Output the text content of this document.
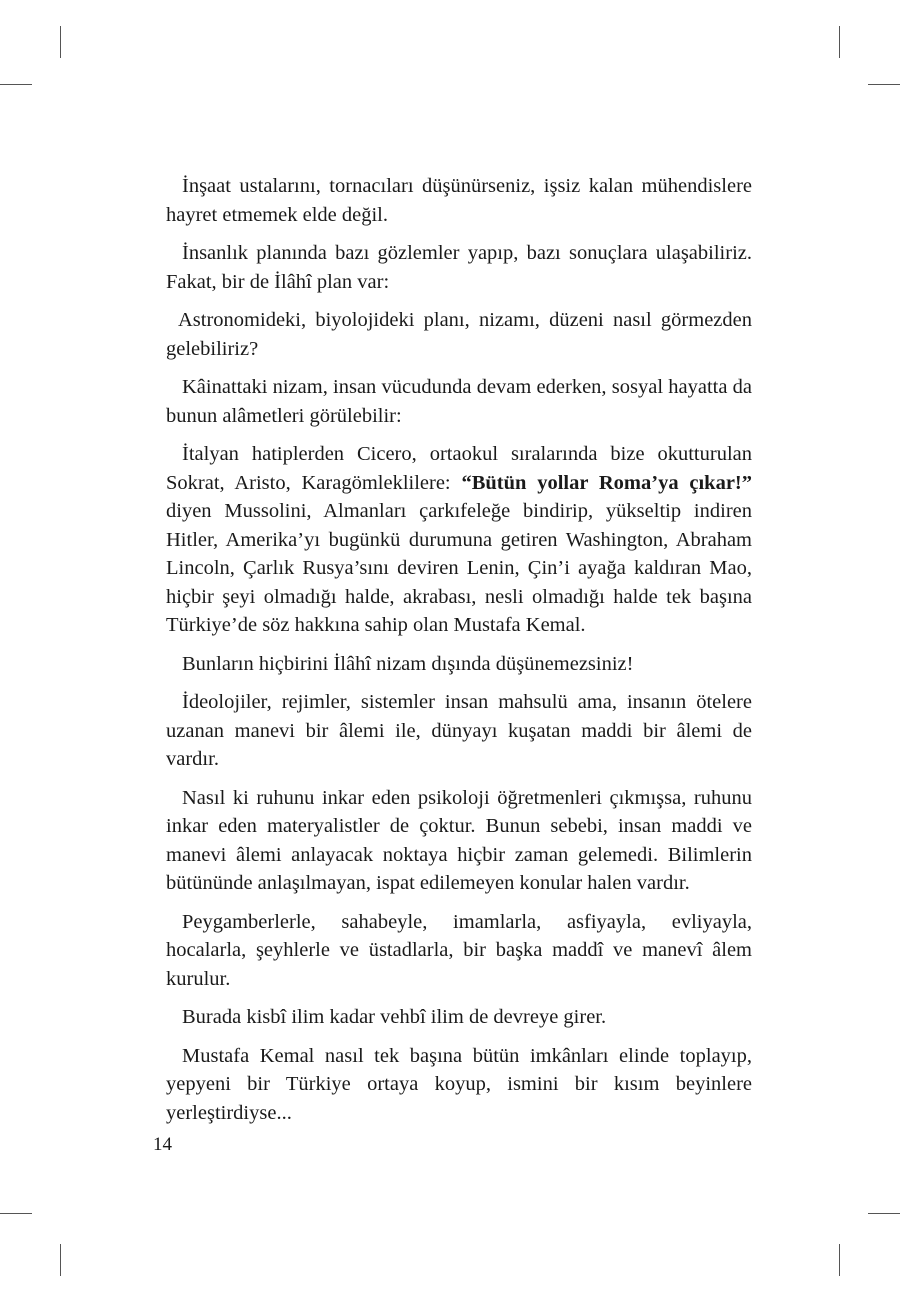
İnşaat ustalarını, tornacıları düşünürseniz, işsiz kalan mühendislere hayret etmemek elde değil.

İnsanlık planında bazı gözlemler yapıp, bazı sonuçlara ulaşabiliriz. Fakat, bir de İlâhî plan var:

Astronomideki, biyolojideki planı, nizamı, düzeni nasıl görmezden gelebiliriz?

Kâinattaki nizam, insan vücudunda devam ederken, sosyal hayatta da bunun alâmetleri görülebilir:

İtalyan hatiplerden Cicero, ortaokul sıralarında bize okutturulan Sokrat, Aristo, Karagömleklilere: “Bütün yollar Roma’ya çıkar!” diyen Mussolini, Almanları çarkıfeleğe bindirip, yükseltip indiren Hitler, Amerika’yı bugünkü durumuna getiren Washington, Abraham Lincoln, Çarlık Rusya’sını deviren Lenin, Çin’i ayağa kaldıran Mao, hiçbir şeyi olmadığı halde, akrabası, nesli olmadığı halde tek başına Türkiye’de söz hakkına sahip olan Mustafa Kemal.

Bunların hiçbirini İlâhî nizam dışında düşünemezsiniz!

İdeolojiler, rejimler, sistemler insan mahsulü ama, insanın ötelere uzanan manevi bir âlemi ile, dünyayı kuşatan maddi bir âlemi de vardır.

Nasıl ki ruhunu inkar eden psikoloji öğretmenleri çıkmışsa, ruhunu inkar eden materyalistler de çoktur. Bunun sebebi, insan maddi ve manevi âlemi anlayacak noktaya hiçbir zaman gelemedi. Bilimlerin bütününde anlaşılmayan, ispat edilemeyen konular halen vardır.

Peygamberlerle, sahabeyle, imamlarla, asfiyayla, evliyayla, hocalarla, şeyhlerle ve üstadlarla, bir başka maddî ve manevî âlem kurulur.

Burada kisbî ilim kadar vehbî ilim de devreye girer.

Mustafa Kemal nasıl tek başına bütün imkânları elinde toplayıp, yepyeni bir Türkiye ortaya koyup, ismini bir kısım beyinlere yerleştirdiyse...

14
